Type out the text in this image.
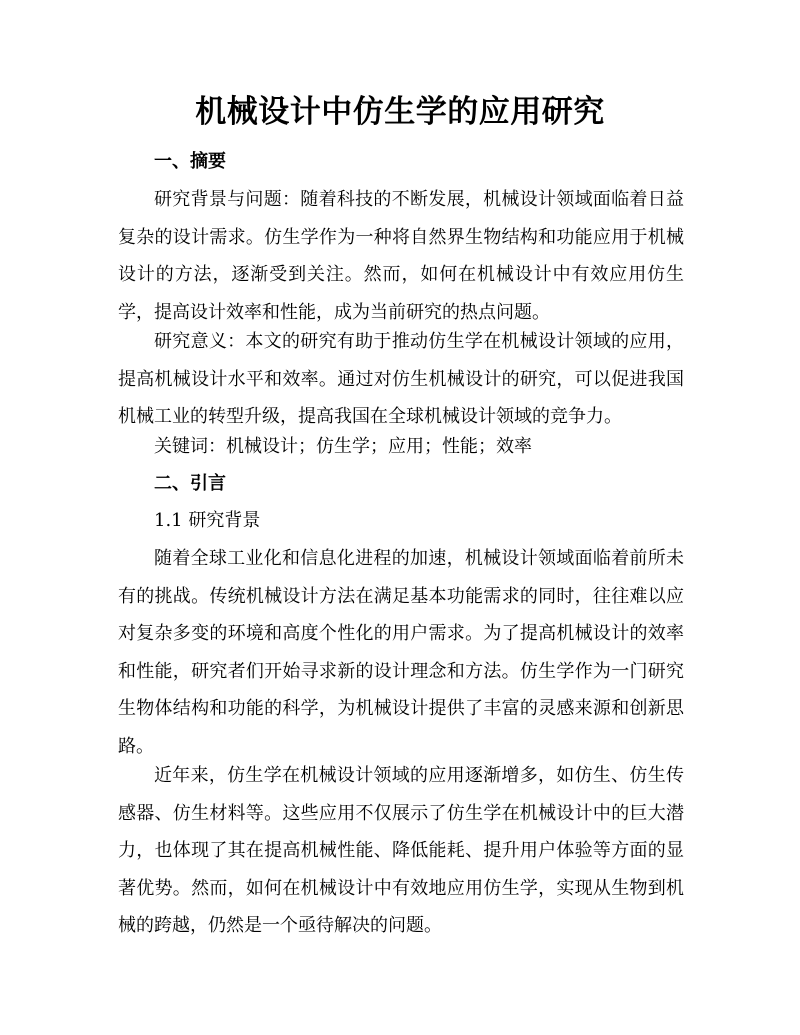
机械设计中仿生学的应用研究
一、摘要

研究背景与问题：随着科技的不断发展，机械设计领域面临着日益复杂的设计需求。仿生学作为一种将自然界生物结构和功能应用于机械设计的方法，逐渐受到关注。然而，如何在机械设计中有效应用仿生学，提高设计效率和性能，成为当前研究的热点问题。

研究意义：本文的研究有助于推动仿生学在机械设计领域的应用，提高机械设计水平和效率。通过对仿生机械设计的研究，可以促进我国机械工业的转型升级，提高我国在全球机械设计领域的竞争力。

关键词：机械设计；仿生学；应用；性能；效率
二、引言
1.1 研究背景

随着全球工业化和信息化进程的加速，机械设计领域面临着前所未有的挑战。传统机械设计方法在满足基本功能需求的同时，往往难以应对复杂多变的环境和高度个性化的用户需求。为了提高机械设计的效率和性能，研究者们开始寻求新的设计理念和方法。仿生学作为一门研究生物体结构和功能的科学，为机械设计提供了丰富的灵感来源和创新思路。

近年来，仿生学在机械设计领域的应用逐渐增多，如仿生、仿生传感器、仿生材料等。这些应用不仅展示了仿生学在机械设计中的巨大潜力，也体现了其在提高机械性能、降低能耗、提升用户体验等方面的显著优势。然而，如何在机械设计中有效地应用仿生学，实现从生物到机械的跨越，仍然是一个亟待解决的问题。
